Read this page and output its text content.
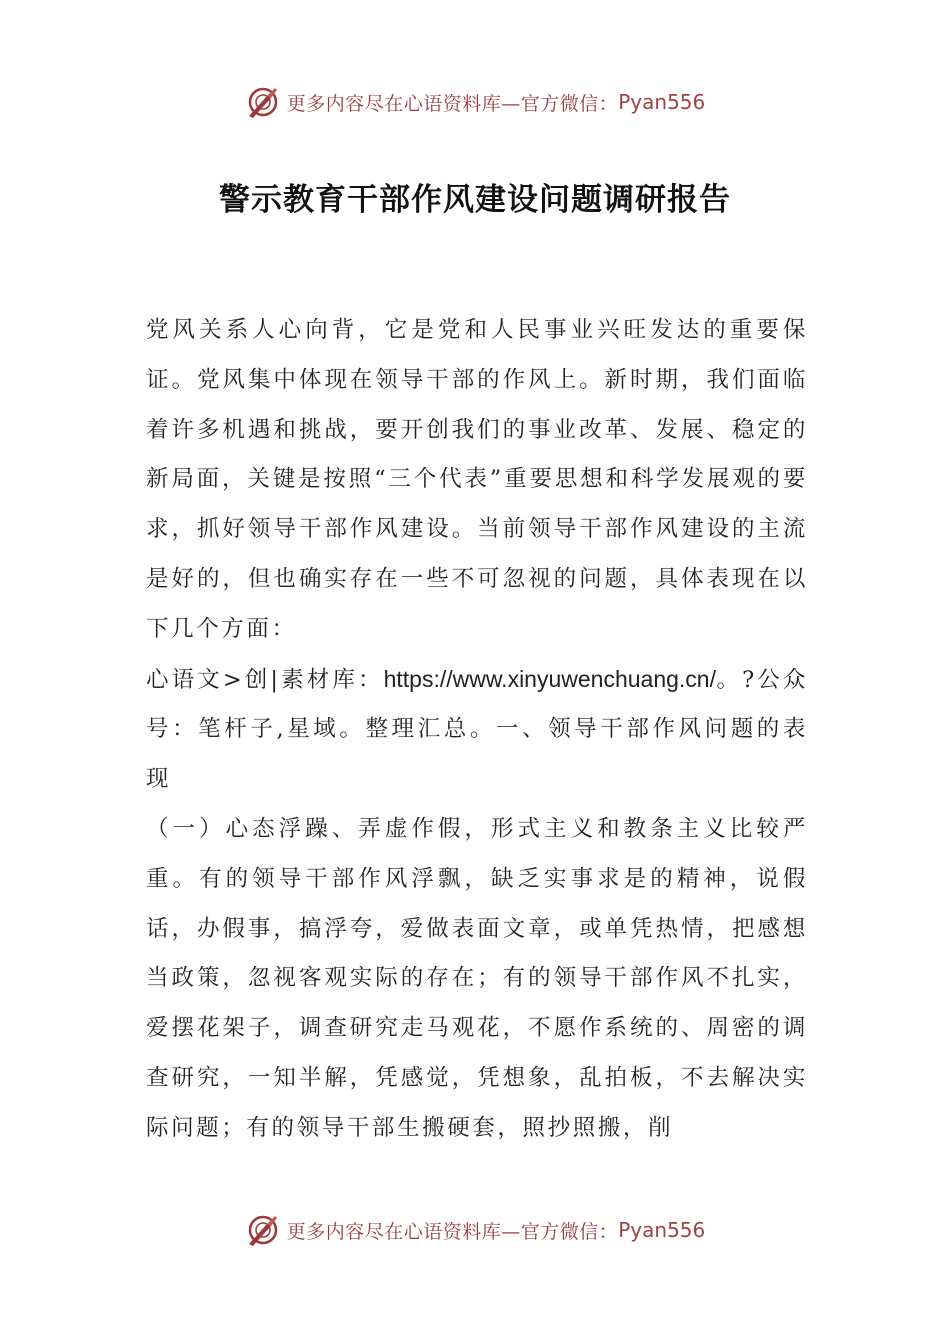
更多内容尽在心语资料库—官方微信： Pyan556
警示教育干部作风建设问题调研报告

党风关系人心向背，它是党和人民事业兴旺发达的重要保证。党风集中体现在领导干部的作风上。新时期，我们面临着许多机遇和挑战，要开创我们的事业改革、发展、稳定的新局面，关键是按照“三个代表”重要思想和科学发展观的要求，抓好领导干部作风建设。当前领导干部作风建设的主流是好的，但也确实存在一些不可忽视的问题，具体表现在以下几个方面：

心语文>创|素材库：https://www.xinyuwenchuang.cn/。?公众号：笔杆子,星域。整理汇总。一、领导干部作风问题的表现

（一）心态浮躁、弄虚作假，形式主义和教条主义比较严重。有的领导干部作风浮飘，缺乏实事求是的精神，说假话，办假事，搞浮夸，爱做表面文章，或单凭热情，把感想当政策，忽视客观实际的存在；有的领导干部作风不扎实，爱摆花架子，调查研究走马观花，不愿作系统的、周密的调查研究，一知半解，凭感觉，凭想象，乱拍板，不去解决实际问题；有的领导干部生搬硬套，照抄照搬，削

更多内容尽在心语资料库—官方微信： Pyan556
